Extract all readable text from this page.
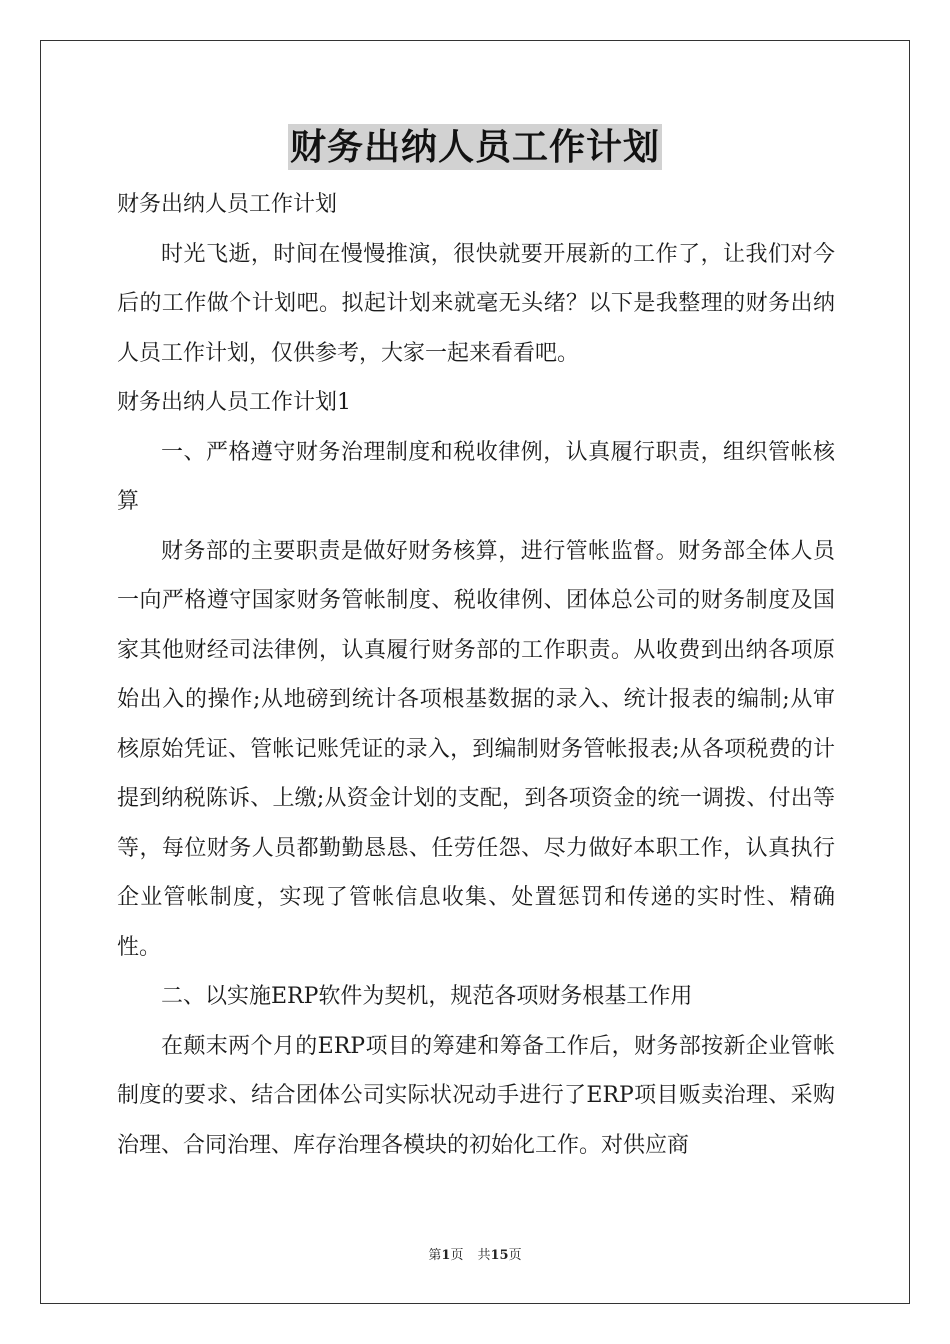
财务出纳人员工作计划

财务出纳人员工作计划

时光飞逝，时间在慢慢推演，很快就要开展新的工作了，让我们对今后的工作做个计划吧。拟起计划来就毫无头绪？以下是我整理的财务出纳人员工作计划，仅供参考，大家一起来看看吧。

财务出纳人员工作计划1

一、严格遵守财务治理制度和税收律例，认真履行职责，组织管帐核算

财务部的主要职责是做好财务核算，进行管帐监督。财务部全体人员一向严格遵守国家财务管帐制度、税收律例、团体总公司的财务制度及国家其他财经司法律例，认真履行财务部的工作职责。从收费到出纳各项原始出入的操作;从地磅到统计各项根基数据的录入、统计报表的编制;从审核原始凭证、管帐记账凭证的录入，到编制财务管帐报表;从各项税费的计提到纳税陈诉、上缴;从资金计划的支配，到各项资金的统一调拨、付出等等，每位财务人员都勤勤恳恳、任劳任怨、尽力做好本职工作，认真执行企业管帐制度，实现了管帐信息收集、处置惩罚和传递的实时性、精确性。

二、以实施ERP软件为契机，规范各项财务根基工作用

在颠末两个月的ERP项目的筹建和筹备工作后，财务部按新企业管帐制度的要求、结合团体公司实际状况动手进行了ERP项目贩卖治理、采购治理、合同治理、库存治理各模块的初始化工作。对供应商

第1页 共15页
